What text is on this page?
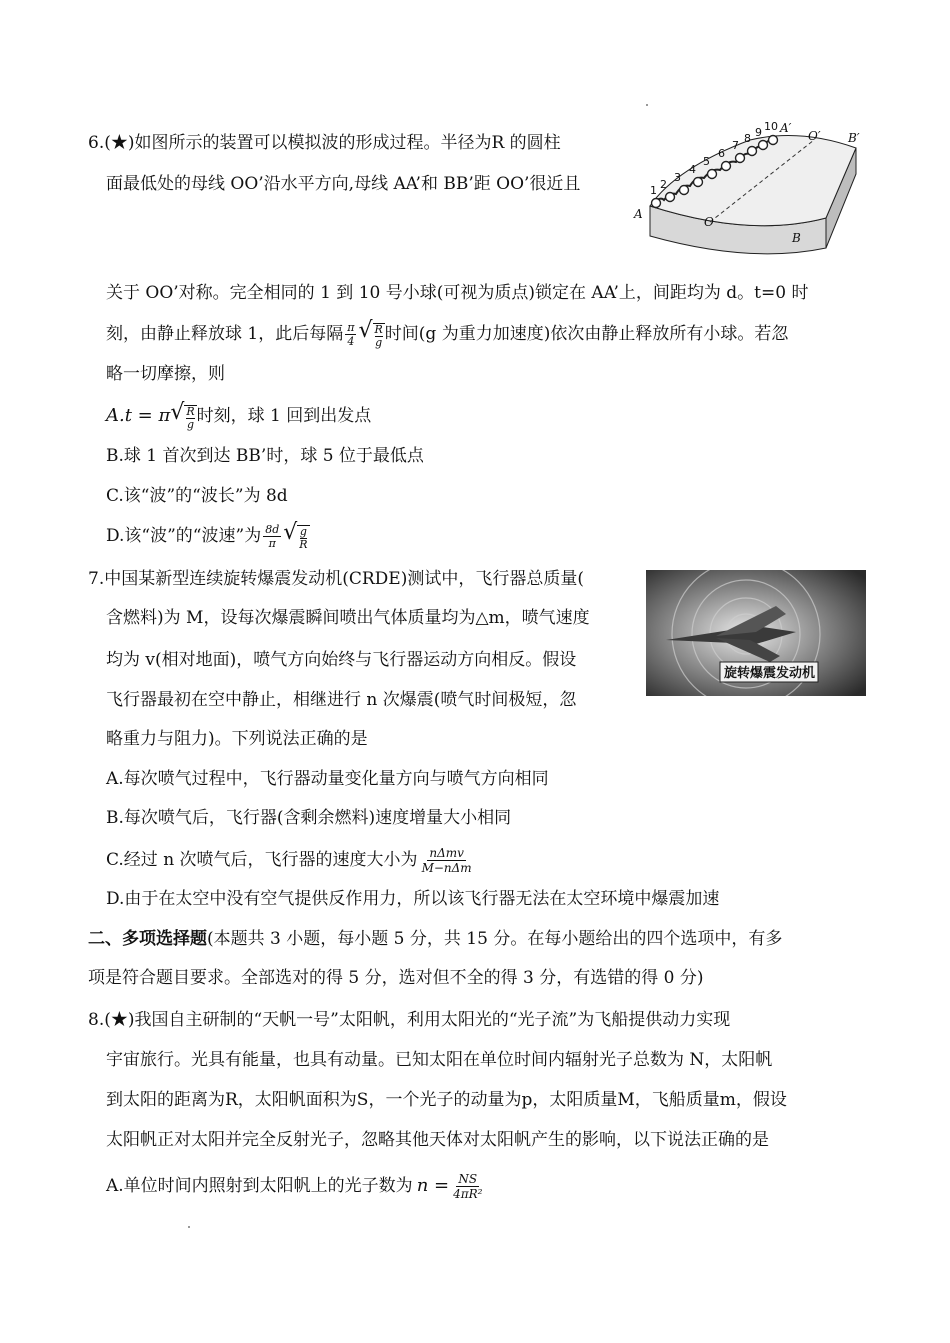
6.(★)如图所示的装置可以模拟波的形成过程。半径为R 的圆柱
面最低处的母线 OO’沿水平方向,母线 AA’和 BB’距 OO’很近且	1 2
3
4
5
6
7
8 9 10
A
A′
O
O′
B
B′
关于 OO’对称。完全相同的 1 到 10 号小球(可视为质点)锁定在 AA’上，间距均为 d。t=0 时
刻，由静止释放球 1，此后每隔 $\frac{\pi}{4}$ √ R
g 时间(g 为重力加速度)依次由静止释放所有小球。若忽
略一切摩擦，则
A.t = π √ R
g 时刻，球 1 回到出发点
B.球 1 首次到达 BB’时，球 5 位于最低点
C.该“波”的“波长”为 8d
D.该“波”的“波速”为 $\frac{8d}{\pi}$ √ g
R
7.中国某新型连续旋转爆震发动机(CRDE)测试中，飞行器总质量(
含燃料)为 M，设每次爆震瞬间喷出气体质量均为△m，喷气速度
均为 v(相对地面)，喷气方向始终与飞行器运动方向相反。假设
飞行器最初在空中静止，相继进行 n 次爆震(喷气时间极短，忽
略重力与阻力)。下列说法正确的是
旋转爆震发动机
A.每次喷气过程中，飞行器动量变化量方向与喷气方向相同
B.每次喷气后，飞行器(含剩余燃料)速度增量大小相同
C.经过 n 次喷气后，飞行器的速度大小为 $\frac{\text{nΔmv}}{\text{M−nΔm}}$
D.由于在太空中没有空气提供反作用力，所以该飞行器无法在太空环境中爆震加速
二、多项选择题(本题共 3 小题，每小题 5 分，共 15 分。在每小题给出的四个选项中，有多
项是符合题目要求。全部选对的得 5 分，选对但不全的得 3 分，有选错的得 0 分)
8.(★)我国自主研制的“天帆一号”太阳帆，利用太阳光的“光子流”为飞船提供动力实现
宇宙旅行。光具有能量，也具有动量。已知太阳在单位时间内辐射光子总数为 N，太阳帆
到太阳的距离为R，太阳帆面积为S，一个光子的动量为p，太阳质量M，飞船质量m，假设
太阳帆正对太阳并完全反射光子，忽略其他天体对太阳帆产生的影响，以下说法正确的是
A.单位时间内照射到太阳帆上的光子数为 $n = \frac{NS}{\text{4πR²}}$
